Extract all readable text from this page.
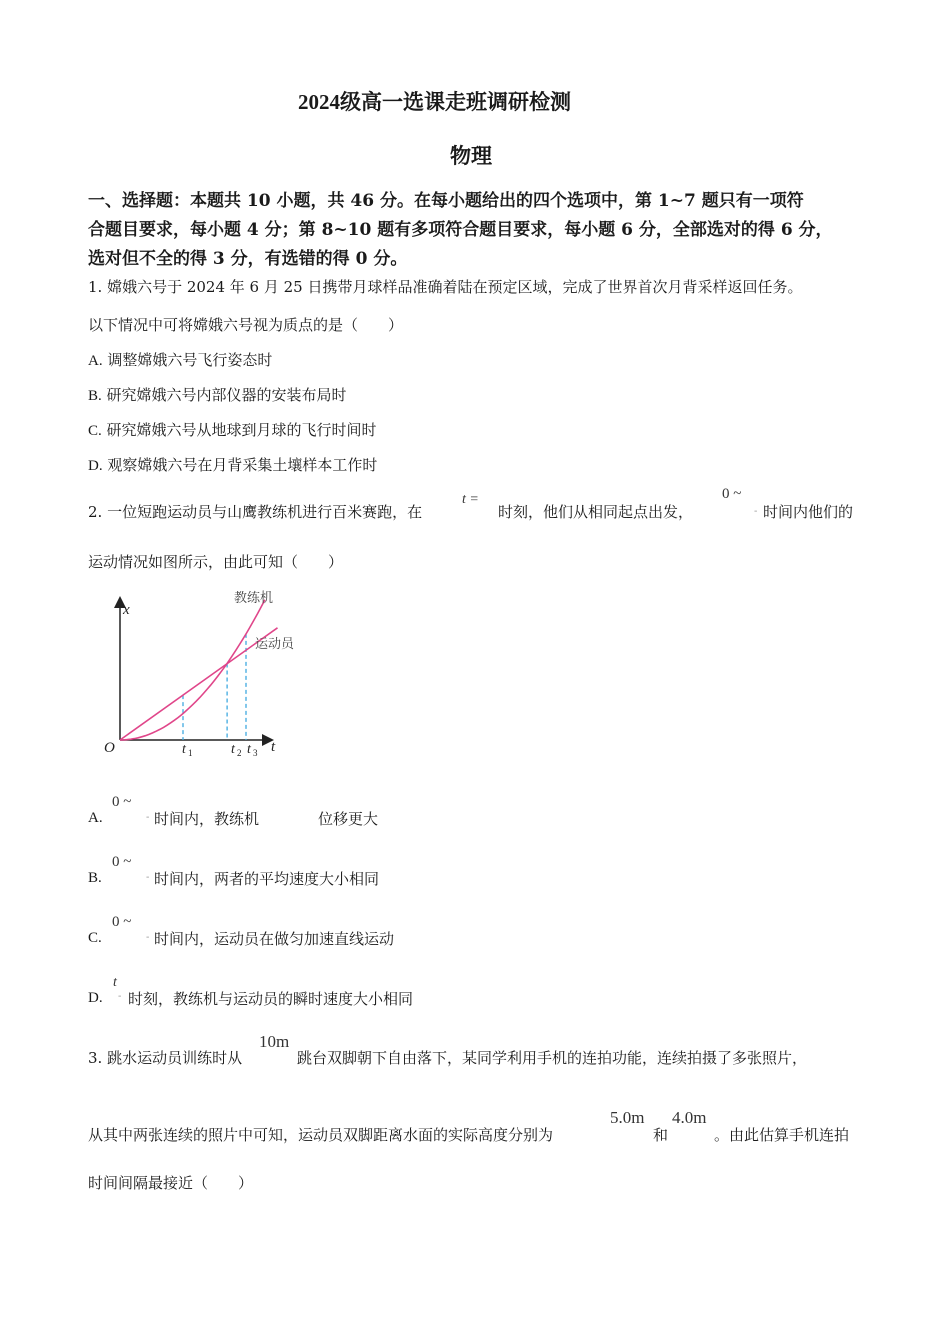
2024级高一选课走班调研检测
物理
一、选择题：本题共 10 小题，共 46 分。在每小题给出的四个选项中，第 1~7 题只有一项符
合题目要求，每小题 4 分；第 8~10 题有多项符合题目要求，每小题 6 分，全部选对的得 6 分，
选对但不全的得 3 分，有选错的得 0 分。
1. 嫦娥六号于 2024 年 6 月 25 日携带月球样品准确着陆在预定区域，完成了世界首次月背采样返回任务。
以下情况中可将嫦娥六号视为质点的是（　　）
A. 调整嫦娥六号飞行姿态时
B. 研究嫦娥六号内部仪器的安装布局时
C. 研究嫦娥六号从地球到月球的飞行时间时
D. 观察嫦娥六号在月背采集土壤样本工作时
2. 一位短跑运动员与山鹰教练机进行百米赛跑，在
t =
时刻，他们从相同起点出发，
0 ~
- 时间内他们的
运动情况如图所示，由此可知（　　）
x
t
O
教练机
运动员
t 1	t 2 t 3
A.
0 ~
- 时间内，教练机	位移更大
B.
0 ~
- 时间内，两者的平均速度大小相同
C.
0 ~
- 时间内，运动员在做匀加速直线运动
D.
t
- 时刻，教练机与运动员的瞬时速度大小相同
3. 跳水运动员训练时从
10m
跳台双脚朝下自由落下，某同学利用手机的连拍功能，连续拍摄了多张照片，
从其中两张连续的照片中可知，运动员双脚距离水面的实际高度分别为
5.0m
和
4.0m
。由此估算手机连拍
时间间隔最接近（　　）
